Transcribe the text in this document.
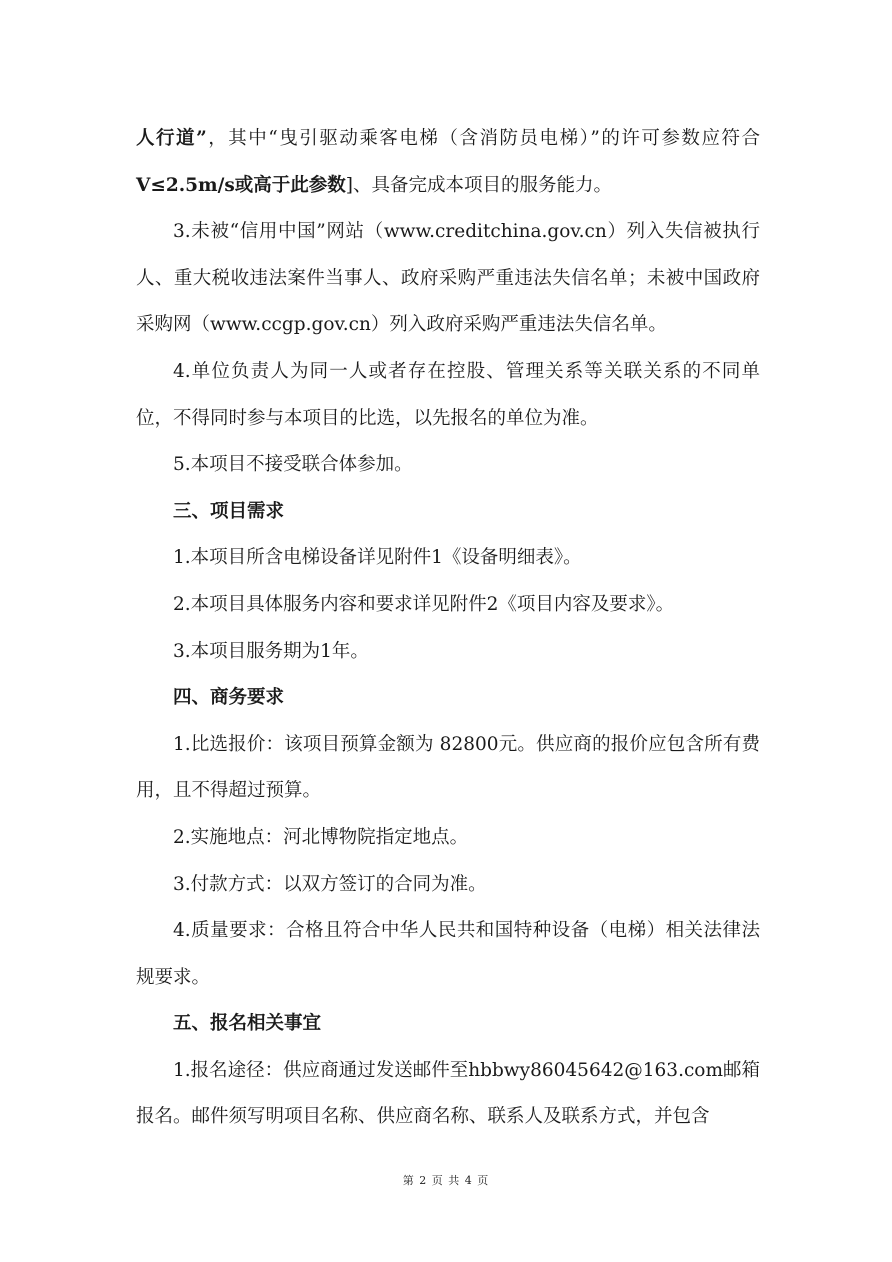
人行道”，其中“曳引驱动乘客电梯（含消防员电梯）”的许可参数应符合V≤2.5m/s或高于此参数]、具备完成本项目的服务能力。

3.未被“信用中国”网站（www.creditchina.gov.cn）列入失信被执行人、重大税收违法案件当事人、政府采购严重违法失信名单；未被中国政府采购网（www.ccgp.gov.cn）列入政府采购严重违法失信名单。

4.单位负责人为同一人或者存在控股、管理关系等关联关系的不同单位，不得同时参与本项目的比选，以先报名的单位为准。

5.本项目不接受联合体参加。

三、项目需求

1.本项目所含电梯设备详见附件1《设备明细表》。

2.本项目具体服务内容和要求详见附件2《项目内容及要求》。

3.本项目服务期为1年。

四、商务要求

1.比选报价：该项目预算金额为 82800元。供应商的报价应包含所有费用，且不得超过预算。

2.实施地点：河北博物院指定地点。

3.付款方式：以双方签订的合同为准。

4.质量要求：合格且符合中华人民共和国特种设备（电梯）相关法律法规要求。

五、报名相关事宜

1.报名途径：供应商通过发送邮件至hbbwy86045642@163.com邮箱报名。邮件须写明项目名称、供应商名称、联系人及联系方式，并包含

第 2 页 共 4 页
